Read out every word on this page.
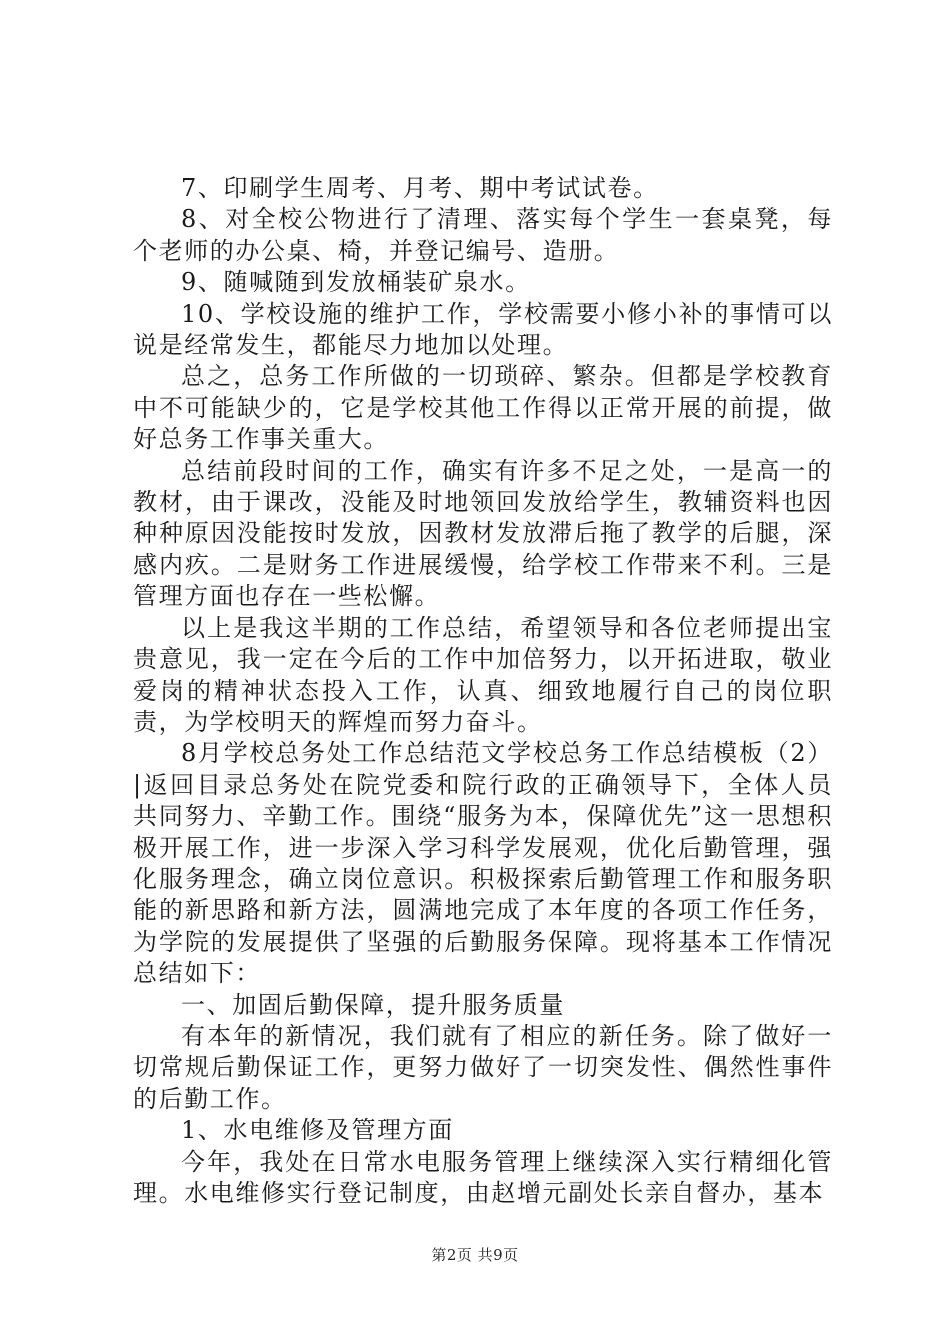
7、印刷学生周考、月考、期中考试试卷。

8、对全校公物进行了清理、落实每个学生一套桌凳，每个老师的办公桌、椅，并登记编号、造册。

9、随喊随到发放桶装矿泉水。

10、学校设施的维护工作，学校需要小修小补的事情可以说是经常发生，都能尽力地加以处理。

总之，总务工作所做的一切琐碎、繁杂。但都是学校教育中不可能缺少的，它是学校其他工作得以正常开展的前提，做好总务工作事关重大。

总结前段时间的工作，确实有许多不足之处，一是高一的教材，由于课改，没能及时地领回发放给学生，教辅资料也因种种原因没能按时发放，因教材发放滞后拖了教学的后腿，深感内疚。二是财务工作进展缓慢，给学校工作带来不利。三是管理方面也存在一些松懈。

以上是我这半期的工作总结，希望领导和各位老师提出宝贵意见，我一定在今后的工作中加倍努力，以开拓进取，敬业爱岗的精神状态投入工作，认真、细致地履行自己的岗位职责，为学校明天的辉煌而努力奋斗。

8月学校总务处工作总结范文学校总务工作总结模板（2）|返回目录总务处在院党委和院行政的正确领导下，全体人员共同努力、辛勤工作。围绕“服务为本，保障优先”这一思想积极开展工作，进一步深入学习科学发展观，优化后勤管理，强化服务理念，确立岗位意识。积极探索后勤管理工作和服务职能的新思路和新方法，圆满地完成了本年度的各项工作任务，为学院的发展提供了坚强的后勤服务保障。现将基本工作情况总结如下：

一、加固后勤保障，提升服务质量

有本年的新情况，我们就有了相应的新任务。除了做好一切常规后勤保证工作，更努力做好了一切突发性、偶然性事件的后勤工作。

1、水电维修及管理方面

今年，我处在日常水电服务管理上继续深入实行精细化管理。水电维修实行登记制度，由赵增元副处长亲自督办，基本

第2页 共9页
